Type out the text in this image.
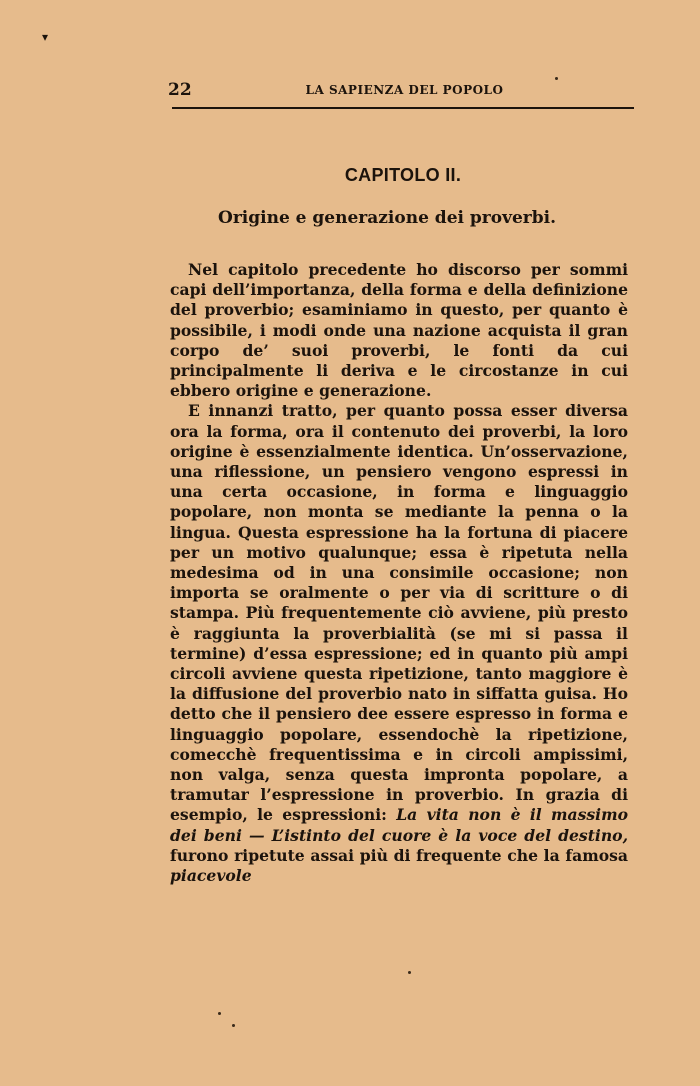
▾
22	LA SAPIENZA DEL POPOLO
CAPITOLO II.
Origine e generazione dei proverbi.

Nel capitolo precedente ho discorso per sommi capi dell’importanza, della forma e della definizione del proverbio; esaminiamo in questo, per quanto è possibile, i modi onde una nazione acquista il gran corpo de’ suoi proverbi, le fonti da cui principalmente li deriva e le circostanze in cui ebbero origine e generazione.

E innanzi tratto, per quanto possa esser diversa ora la forma, ora il contenuto dei proverbi, la loro origine è essenzialmente identica. Un’osservazione, una riflessione, un pensiero vengono espressi in una certa occasione, in forma e linguaggio popolare, non monta se mediante la penna o la lingua. Questa espressione ha la fortuna di piacere per un motivo qualunque; essa è ripetuta nella medesima od in una consimile occasione; non importa se oralmente o per via di scritture o di stampa. Più frequentemente ciò avviene, più presto è raggiunta la proverbialità (se mi si passa il termine) d’essa espressione; ed in quanto più ampi circoli avviene questa ripetizione, tanto maggiore è la diffusione del proverbio nato in siffatta guisa. Ho detto che il pensiero dee essere espresso in forma e linguaggio popolare, essendochè la ripetizione, comecchè frequentissima e in circoli ampissimi, non valga, senza questa impronta popolare, a tramutar l’espressione in proverbio. In grazia di esempio, le espressioni: La vita non è il massimo dei beni — L’istinto del cuore è la voce del destino, furono ripetute assai più di frequente che la famosa piacevole
